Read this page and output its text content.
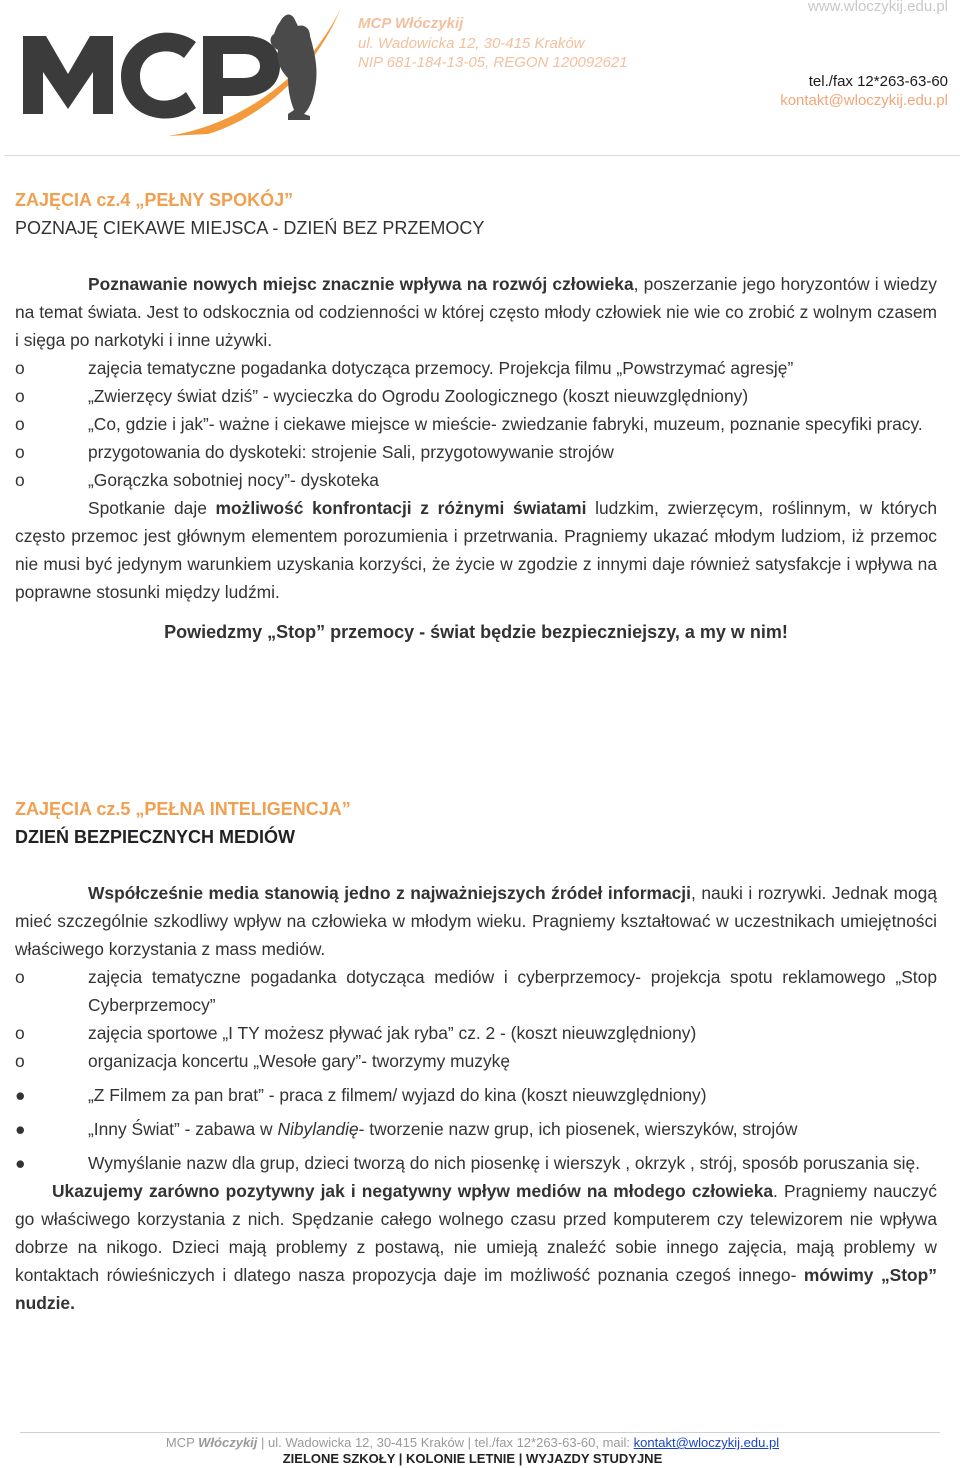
MCP Włóczykij
ul. Wadowicka 12, 30-415 Kraków
NIP 681-184-13-05, REGON 120092621
www.wloczykij.edu.pl
tel./fax 12*263-63-60
kontakt@wloczykij.edu.pl
ZAJĘCIA cz.4 „PEŁNY SPOKÓJ”
POZNAJĘ CIEKAWE MIEJSCA - DZIEŃ BEZ PRZEMOCY

Poznawanie nowych miejsc znacznie wpływa na rozwój człowieka, poszerzanie jego horyzontów i wiedzy na temat świata. Jest to odskocznia od codzienności w której często młody człowiek nie wie co zrobić z wolnym czasem i sięga po narkotyki i inne używki.

o	zajęcia tematyczne pogadanka dotycząca przemocy. Projekcja filmu „Powstrzymać agresję”
o	„Zwierzęcy świat dziś” - wycieczka do Ogrodu Zoologicznego (koszt nieuwzględniony)
o	„Co, gdzie i jak”- ważne i ciekawe miejsce w mieście- zwiedzanie fabryki, muzeum, poznanie specyfiki pracy.
o	przygotowania do dyskoteki: strojenie Sali, przygotowywanie strojów
o	„Gorączka sobotniej nocy”- dyskoteka

Spotkanie daje możliwość konfrontacji z różnymi światami ludzkim, zwierzęcym, roślinnym, w których często przemoc jest głównym elementem porozumienia i przetrwania. Pragniemy ukazać młodym ludziom, iż przemoc nie musi być jedynym warunkiem uzyskania korzyści, że życie w zgodzie z innymi daje również satysfakcje i wpływa na poprawne stosunki między ludźmi.

Powiedzmy „Stop” przemocy - świat będzie bezpieczniejszy, a my w nim!
ZAJĘCIA cz.5 „PEŁNA INTELIGENCJA”
DZIEŃ BEZPIECZNYCH MEDIÓW

Współcześnie media stanowią jedno z najważniejszych źródeł informacji, nauki i rozrywki. Jednak mogą mieć szczególnie szkodliwy wpływ na człowieka w młodym wieku. Pragniemy kształtować w uczestnikach umiejętności właściwego korzystania z mass mediów.

o	zajęcia tematyczne pogadanka dotycząca mediów i cyberprzemocy- projekcja spotu reklamowego „Stop Cyberprzemocy”
o	zajęcia sportowe „I TY możesz pływać jak ryba” cz. 2 - (koszt nieuwzględniony)
o	organizacja koncertu „Wesołe gary”- tworzymy muzykę
●	„Z Filmem za pan brat” - praca z filmem/ wyjazd do kina (koszt nieuwzględniony)
●	„Inny Świat” - zabawa w Nibylandię- tworzenie nazw grup, ich piosenek, wierszyków, strojów
●	Wymyślanie nazw dla grup, dzieci tworzą do nich piosenkę i wierszyk , okrzyk , strój, sposób poruszania się.

Ukazujemy zarówno pozytywny jak i negatywny wpływ mediów na młodego człowieka. Pragniemy nauczyć go właściwego korzystania z nich. Spędzanie całego wolnego czasu przed komputerem czy telewizorem nie wpływa dobrze na nikogo. Dzieci mają problemy z postawą, nie umieją znaleźć sobie innego zajęcia, mają problemy w kontaktach rówieśniczych i dlatego nasza propozycja daje im możliwość poznania czegoś innego- mówimy „Stop” nudzie.

MCP Włóczykij | ul. Wadowicka 12, 30-415 Kraków | tel./fax 12*263-63-60, mail: kontakt@wloczykij.edu.pl
ZIELONE SZKOŁY | KOLONIE LETNIE | WYJAZDY STUDYJNE
